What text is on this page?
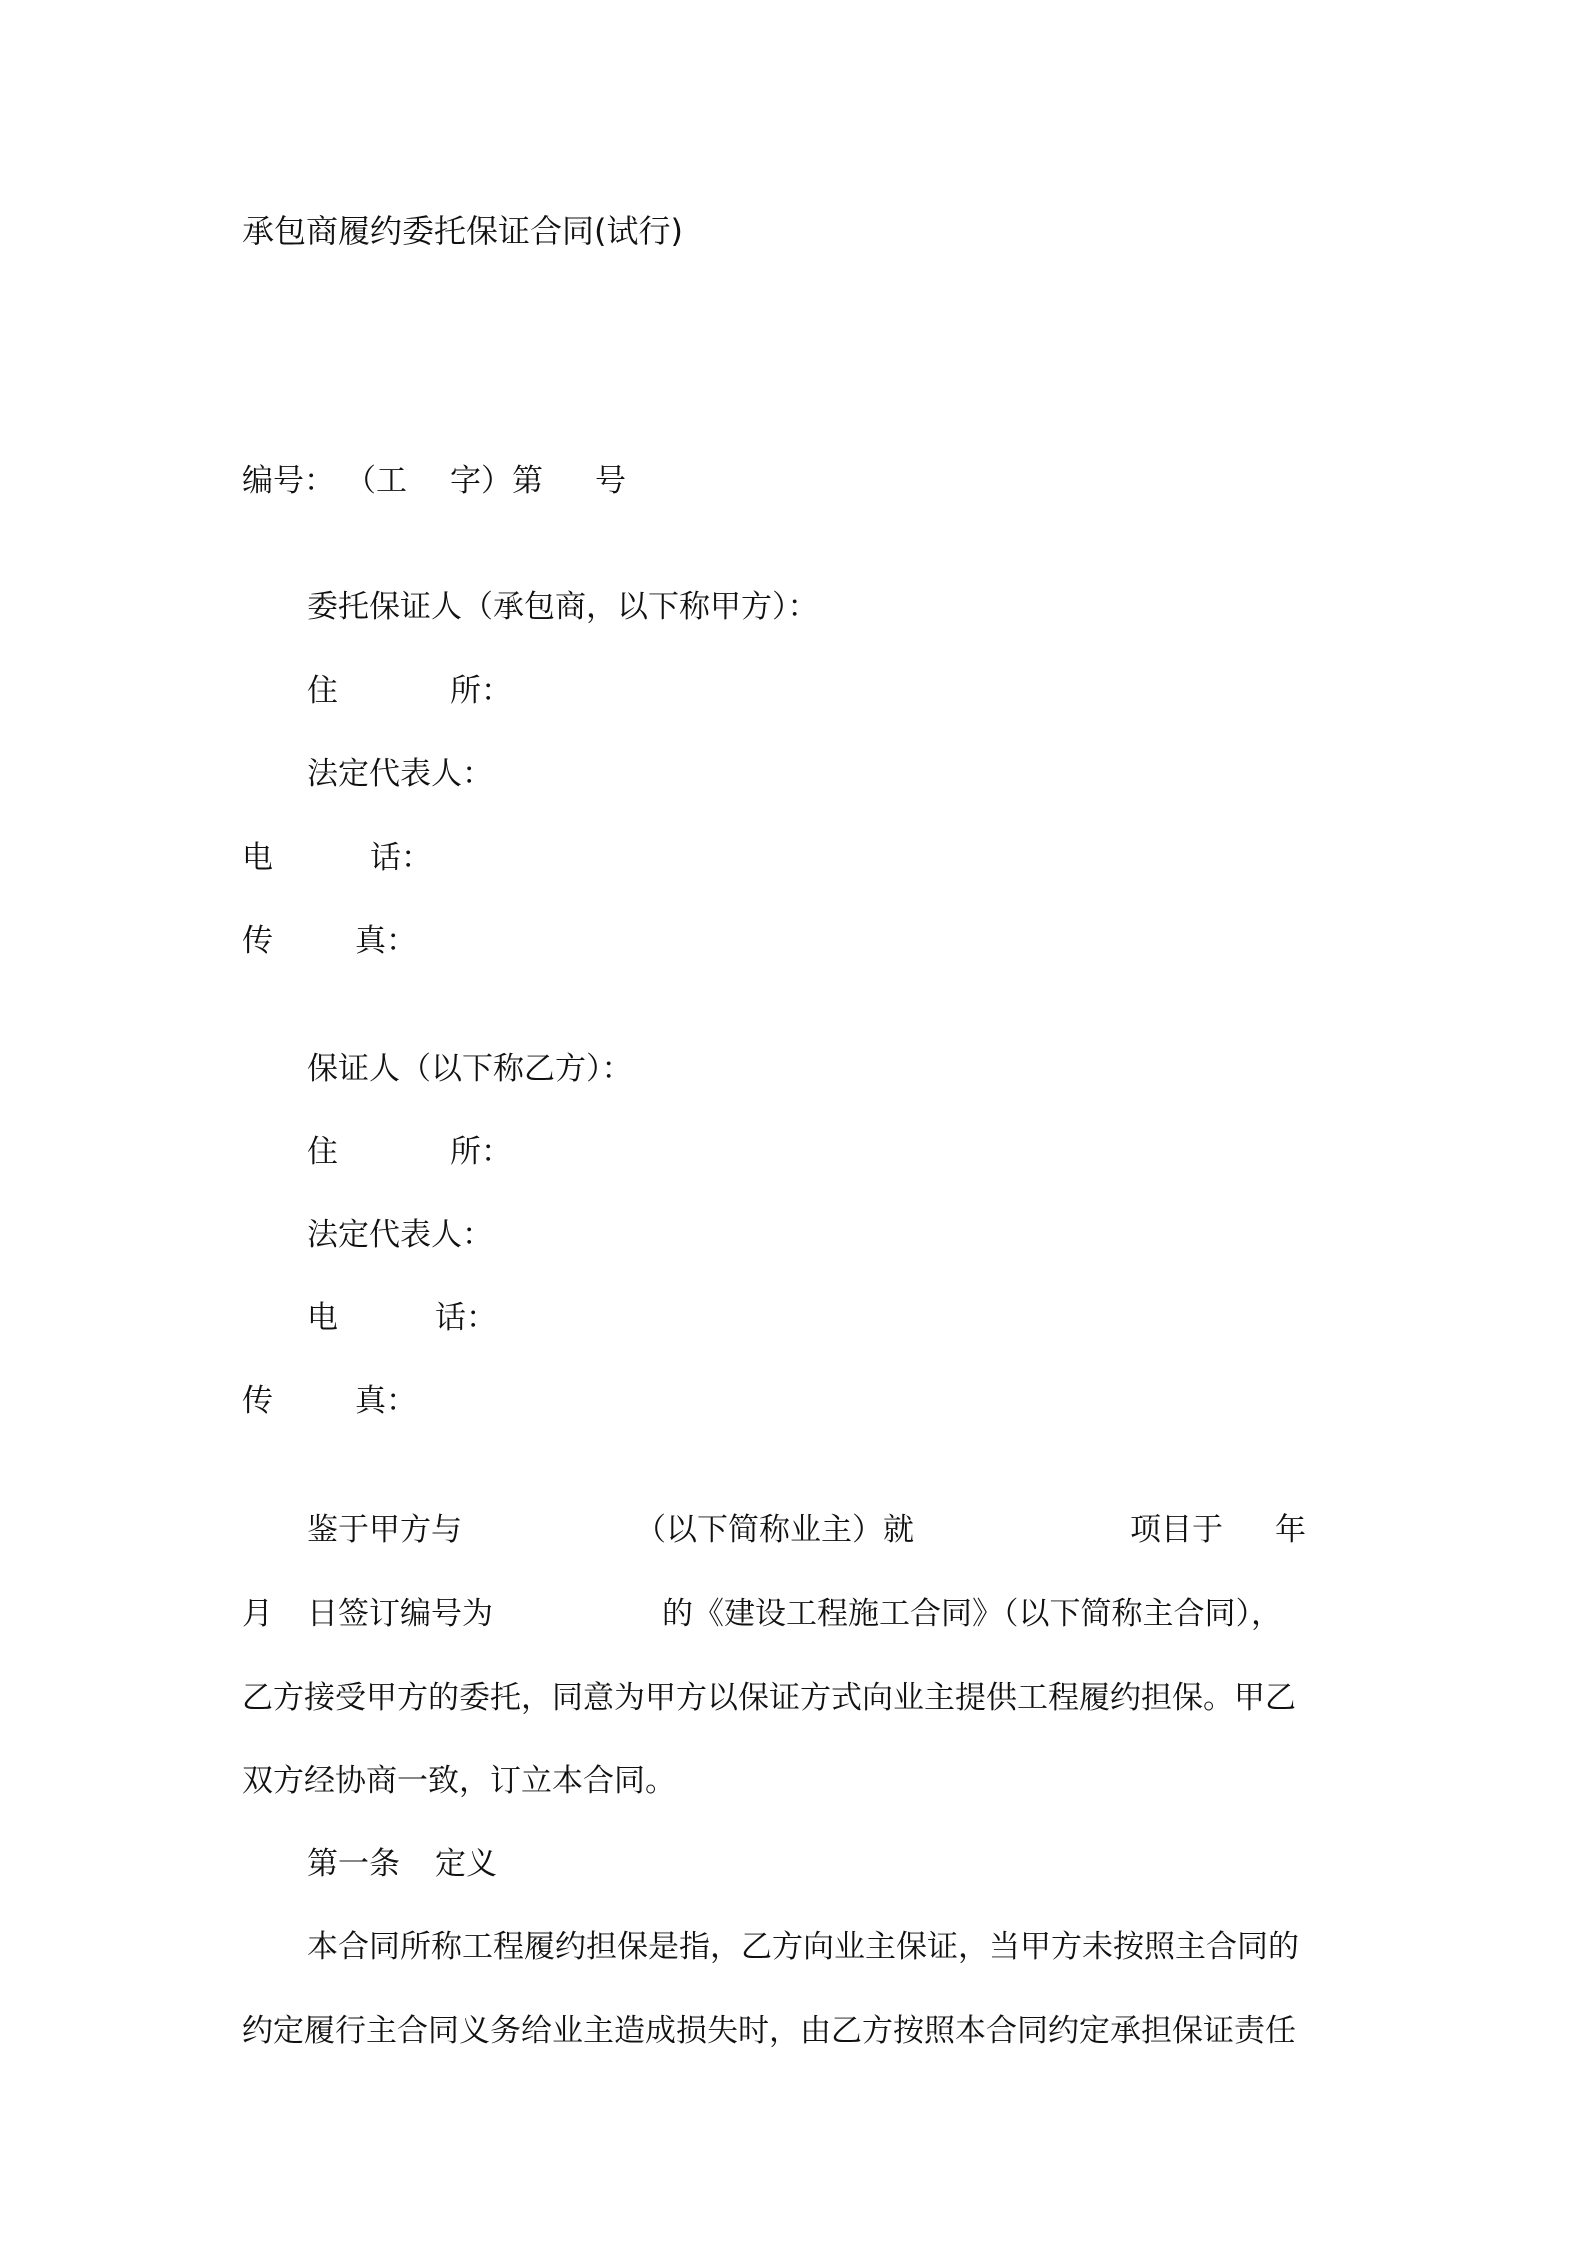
承包商履约委托保证合同(试行)
编号： （工 字）第 号
委托保证人（承包商，以下称甲方）：
住	所：
法定代表人：
电	话：
传	真：
保证人（以下称乙方）：
住	所：
法定代表人：
电	话：
传	真：
鉴于甲方与	（以下简称业主）就	项目于 年
月 日签订编号为	的《建设工程施工合同》（以下简称主合同），
乙方接受甲方的委托，同意为甲方以保证方式向业主提供工程履约担保。甲乙
双方经协商一致，订立本合同。
第一条 定义
本合同所称工程履约担保是指，乙方向业主保证，当甲方未按照主合同的
约定履行主合同义务给业主造成损失时，由乙方按照本合同约定承担保证责任
